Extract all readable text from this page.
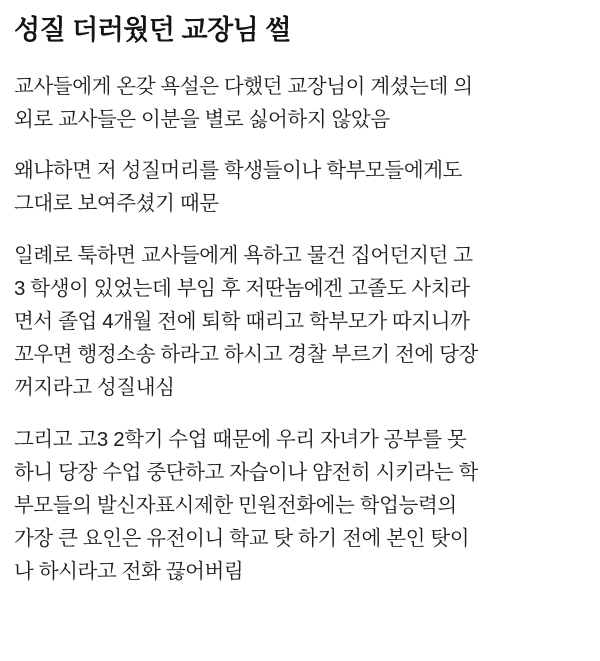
성질 더러웠던 교장님 썰
교사들에게 온갖 욕설은 다했던 교장님이 계셨는데 의
외로 교사들은 이분을 별로 싫어하지 않았음
왜냐하면 저 성질머리를 학생들이나 학부모들에게도
그대로 보여주셨기 때문
일례로 툭하면 교사들에게 욕하고 물건 집어던지던 고
3 학생이 있었는데 부임 후 저딴놈에겐 고졸도 사치라
면서 졸업 4개월 전에 퇴학 때리고 학부모가 따지니까
꼬우면 행정소송 하라고 하시고 경찰 부르기 전에 당장
꺼지라고 성질내심
그리고 고3 2학기 수업 때문에 우리 자녀가 공부를 못
하니 당장 수업 중단하고 자습이나 얌전히 시키라는 학
부모들의 발신자표시제한 민원전화에는 학업능력의
가장 큰 요인은 유전이니 학교 탓 하기 전에 본인 탓이
나 하시라고 전화 끊어버림
